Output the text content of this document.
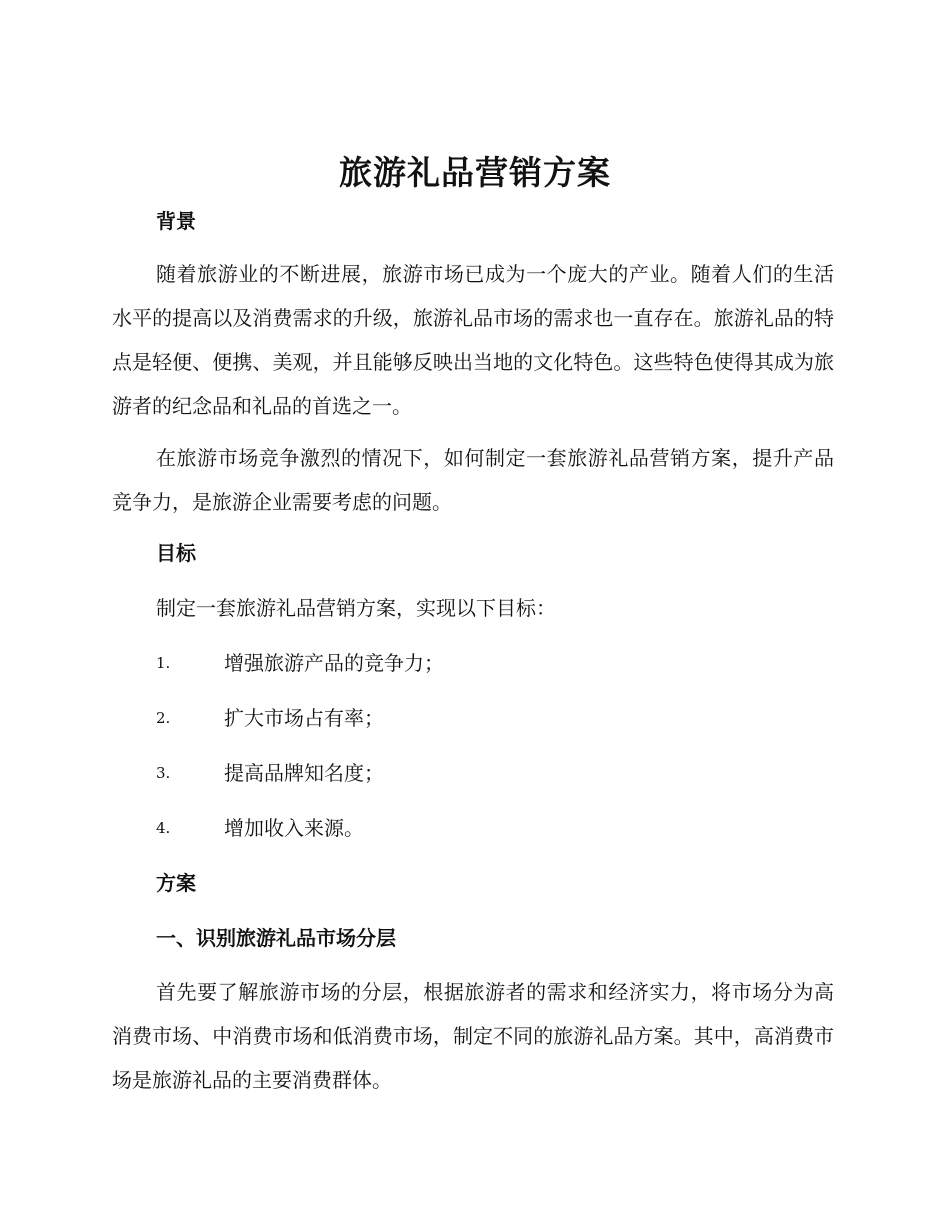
旅游礼品营销方案
背景
随着旅游业的不断进展，旅游市场已成为一个庞大的产业。随着人们的生活水平的提高以及消费需求的升级，旅游礼品市场的需求也一直存在。旅游礼品的特点是轻便、便携、美观，并且能够反映出当地的文化特色。这些特色使得其成为旅游者的纪念品和礼品的首选之一。
在旅游市场竞争激烈的情况下，如何制定一套旅游礼品营销方案，提升产品竞争力，是旅游企业需要考虑的问题。
目标
制定一套旅游礼品营销方案，实现以下目标：
1.	增强旅游产品的竞争力；
2.	扩大市场占有率；
3.	提高品牌知名度；
4.	增加收入来源。
方案
一、识别旅游礼品市场分层
首先要了解旅游市场的分层，根据旅游者的需求和经济实力，将市场分为高消费市场、中消费市场和低消费市场，制定不同的旅游礼品方案。其中，高消费市场是旅游礼品的主要消费群体。
